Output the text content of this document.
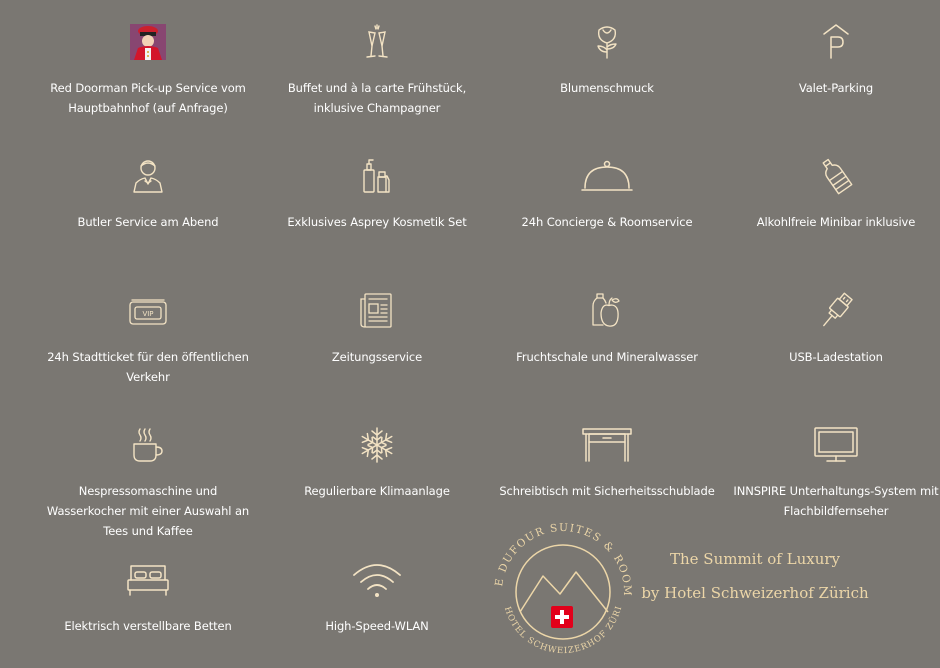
Red Doorman Pick-up Service vom
Hauptbahnhof (auf Anfrage)
Buffet und à la carte Frühstück,
inklusive Champagner
Blumenschmuck	Valet-Parking
Butler Service am Abend	Exklusives Asprey Kosmetik Set	24h Concierge & Roomservice	Alkohlfreie Minibar inklusive
VIP
24h Stadtticket für den öffentlichen
Verkehr
Zeitungsservice	Fruchtschale und Mineralwasser	USB-Ladestation
Nespressomaschine und
Wasserkocher mit einer Auswahl an
Tees und Kaffee
Regulierbare Klimaanlage	Schreibtisch mit Sicherheitsschublade	INNSPIRE Unterhaltungs-System mit
Flachbildfernseher
Elektrisch verstellbare Betten	High-Speed-WLAN
E DUFOUR SUITES & ROOM
HOTEL SCHWEIZERHOF ZÜRI
The Summit of Luxury
by Hotel Schweizerhof Zürich
